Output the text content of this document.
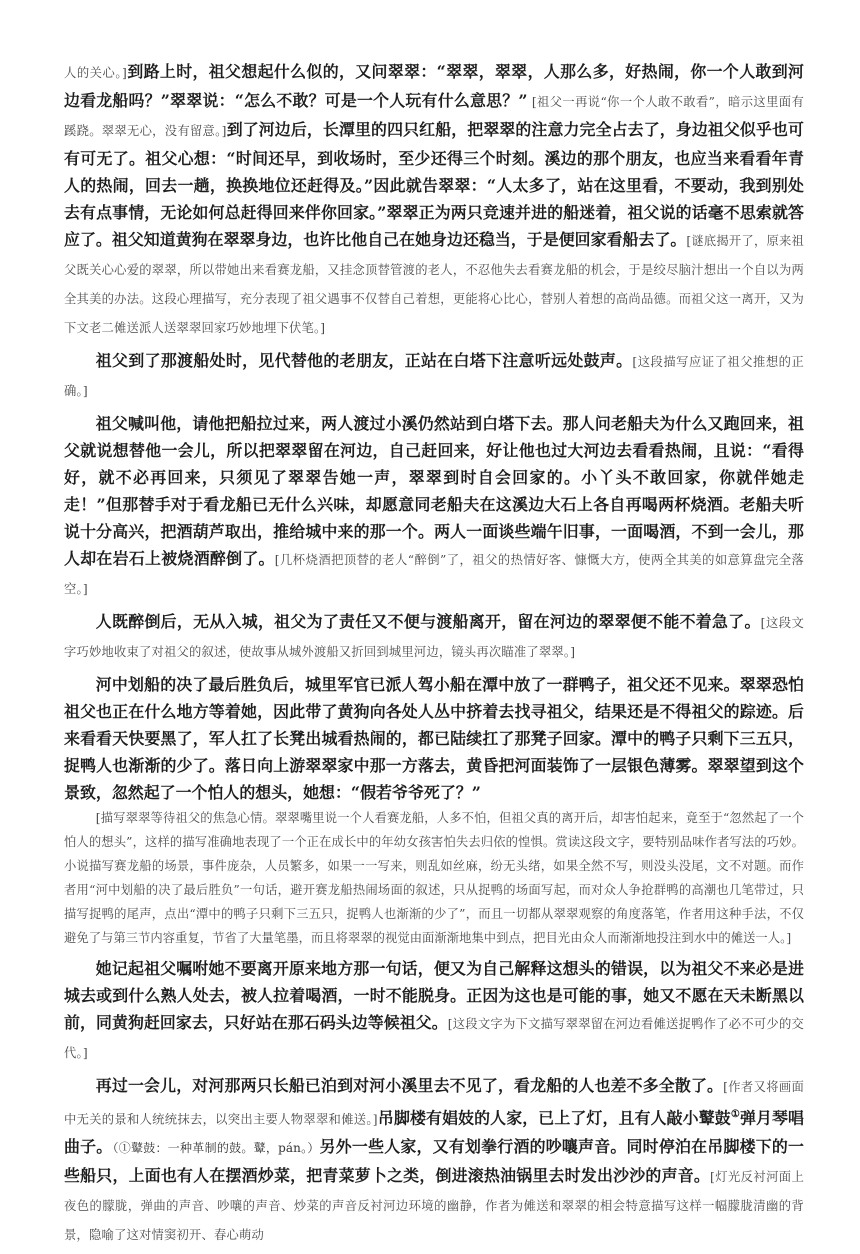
人的关心。]到路上时，祖父想起什么似的，又问翠翠：“翠翠，翠翠，人那么多，好热闹，你一个人敢到河边看龙船吗？”翠翠说：“怎么不敢？可是一个人玩有什么意思？” [祖父一再说“你一个人敢不敢看”，暗示这里面有蹊跷。翠翠无心，没有留意。]到了河边后，长潭里的四只红船，把翠翠的注意力完全占去了，身边祖父似乎也可有可无了。祖父心想：“时间还早，到收场时，至少还得三个时刻。溪边的那个朋友，也应当来看看年青人的热闹，回去一趟，换换地位还赶得及。”因此就告翠翠：“人太多了，站在这里看，不要动，我到别处去有点事情，无论如何总赶得回来伴你回家。”翠翠正为两只竞速并进的船迷着，祖父说的话毫不思索就答应了。祖父知道黄狗在翠翠身边，也许比他自己在她身边还稳当，于是便回家看船去了。[谜底揭开了，原来祖父既关心心爱的翠翠，所以带她出来看赛龙船，又挂念顶替管渡的老人，不忍他失去看赛龙船的机会，于是绞尽脑汁想出一个自以为两全其美的办法。这段心理描写，充分表现了祖父遇事不仅替自己着想，更能将心比心，替别人着想的高尚品德。而祖父这一离开，又为下文老二傩送派人送翠翠回家巧妙地埋下伏笔。]

祖父到了那渡船处时，见代替他的老朋友，正站在白塔下注意听远处鼓声。[这段描写应证了祖父推想的正确。]

祖父喊叫他，请他把船拉过来，两人渡过小溪仍然站到白塔下去。那人问老船夫为什么又跑回来，祖父就说想替他一会儿，所以把翠翠留在河边，自己赶回来，好让他也过大河边去看看热闹，且说：“看得好，就不必再回来，只须见了翠翠告她一声，翠翠到时自会回家的。小丫头不敢回家，你就伴她走走！”但那替手对于看龙船已无什么兴味，却愿意同老船夫在这溪边大石上各自再喝两杯烧酒。老船夫听说十分高兴，把酒葫芦取出，推给城中来的那一个。两人一面谈些端午旧事，一面喝酒，不到一会儿，那人却在岩石上被烧酒醉倒了。[几杯烧酒把顶替的老人“醉倒”了，祖父的热情好客、慷慨大方，使两全其美的如意算盘完全落空。]

人既醉倒后，无从入城，祖父为了责任又不便与渡船离开，留在河边的翠翠便不能不着急了。[这段文字巧妙地收束了对祖父的叙述，使故事从城外渡船又折回到城里河边，镜头再次瞄准了翠翠。]

河中划船的决了最后胜负后，城里军官已派人驾小船在潭中放了一群鸭子，祖父还不见来。翠翠恐怕祖父也正在什么地方等着她，因此带了黄狗向各处人丛中挤着去找寻祖父，结果还是不得祖父的踪迹。后来看看天快要黑了，军人扛了长凳出城看热闹的，都已陆续扛了那凳子回家。潭中的鸭子只剩下三五只，捉鸭人也渐渐的少了。落日向上游翠翠家中那一方落去，黄昏把河面装饰了一层银色薄雾。翠翠望到这个景致，忽然起了一个怕人的想头，她想：“假若爷爷死了？”
[描写翠翠等待祖父的焦急心情。翠翠嘴里说一个人看赛龙船，人多不怕，但祖父真的离开后，却害怕起来，竟至于“忽然起了一个怕人的想头”，这样的描写准确地表现了一个正在成长中的年幼女孩害怕失去归依的惶惧。赏读这段文字，要特别品味作者写法的巧妙。小说描写赛龙船的场景，事件庞杂，人员繁多，如果一一写来，则乱如丝麻，纷无头绪，如果全然不写，则没头没尾，文不对题。而作者用“河中划船的决了最后胜负”一句话，避开赛龙船热闹场面的叙述，只从捉鸭的场面写起，而对众人争抢群鸭的高潮也几笔带过，只描写捉鸭的尾声，点出“潭中的鸭子只剩下三五只，捉鸭人也渐渐的少了”，而且一切都从翠翠观察的角度落笔，作者用这种手法，不仅避免了与第三节内容重复，节省了大量笔墨，而且将翠翠的视觉由面渐渐地集中到点，把目光由众人而渐渐地投注到水中的傩送一人。]

她记起祖父嘱咐她不要离开原来地方那一句话，便又为自己解释这想头的错误，以为祖父不来必是进城去或到什么熟人处去，被人拉着喝酒，一时不能脱身。正因为这也是可能的事，她又不愿在天未断黑以前，同黄狗赶回家去，只好站在那石码头边等候祖父。[这段文字为下文描写翠翠留在河边看傩送捉鸭作了必不可少的交代。]

再过一会儿，对河那两只长船已泊到对河小溪里去不见了，看龙船的人也差不多全散了。[作者又将画面中无关的景和人统统抹去，以突出主要人物翠翠和傩送。]吊脚楼有娼妓的人家，已上了灯，且有人敲小鼙鼓①弹月琴唱曲子。（①鼙鼓：一种革制的鼓。鼙，pán。）另外一些人家，又有划拳行酒的吵嚷声音。同时停泊在吊脚楼下的一些船只，上面也有人在摆酒炒菜，把青菜萝卜之类，倒进滚热油锅里去时发出沙沙的声音。[灯光反衬河面上夜色的朦胧，弹曲的声音、吵嚷的声音、炒菜的声音反衬河边环境的幽静，作者为傩送和翠翠的相会特意描写这样一幅朦胧清幽的背景，隐喻了这对情窦初开、春心萌动
